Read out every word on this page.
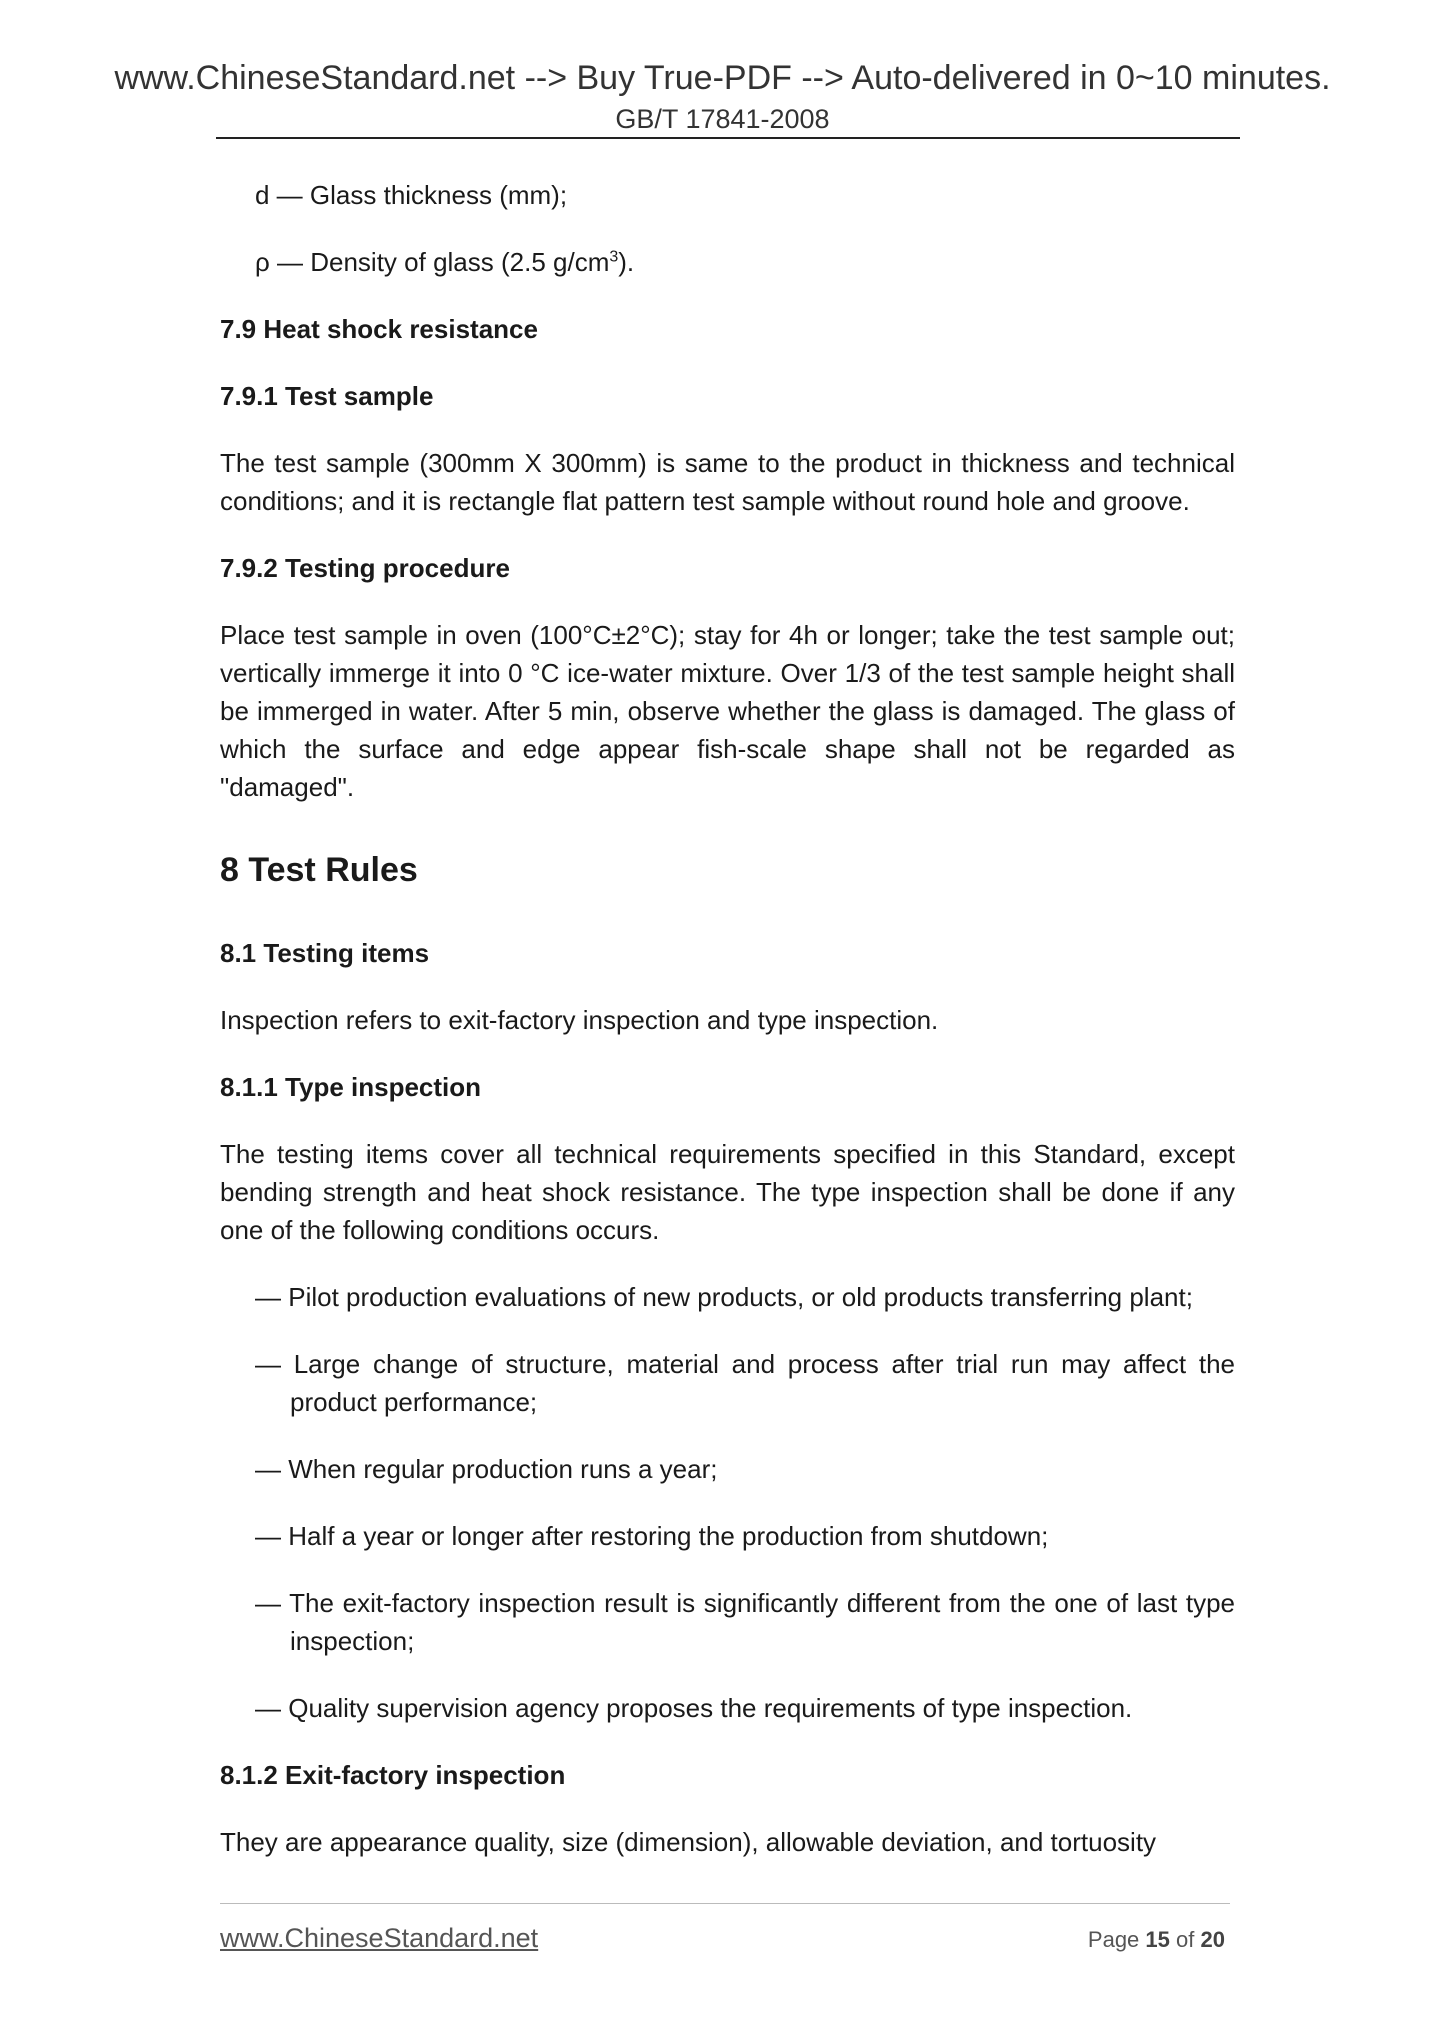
www.ChineseStandard.net --> Buy True-PDF --> Auto-delivered in 0~10 minutes.
GB/T 17841-2008

d — Glass thickness (mm);

ρ — Density of glass (2.5 $g/cm^3$).

7.9 Heat shock resistance

7.9.1 Test sample

The test sample (300mm X 300mm) is same to the product in thickness and technical conditions; and it is rectangle flat pattern test sample without round hole and groove.

7.9.2 Testing procedure

Place test sample in oven (100°C±2°C); stay for 4h or longer; take the test sample out; vertically immerge it into 0 °C ice-water mixture. Over 1/3 of the test sample height shall be immerged in water. After 5 min, observe whether the glass is damaged. The glass of which the surface and edge appear fish-scale shape shall not be regarded as "damaged".

8 Test Rules

8.1 Testing items

Inspection refers to exit-factory inspection and type inspection.

8.1.1 Type inspection

The testing items cover all technical requirements specified in this Standard, except bending strength and heat shock resistance. The type inspection shall be done if any one of the following conditions occurs.

— Pilot production evaluations of new products, or old products transferring plant;

— Large change of structure, material and process after trial run may affect the product performance;

— When regular production runs a year;

— Half a year or longer after restoring the production from shutdown;

— The exit-factory inspection result is significantly different from the one of last type inspection;

— Quality supervision agency proposes the requirements of type inspection.

8.1.2 Exit-factory inspection

They are appearance quality, size (dimension), allowable deviation, and tortuosity

www.ChineseStandard.net	Page 15 of 20
